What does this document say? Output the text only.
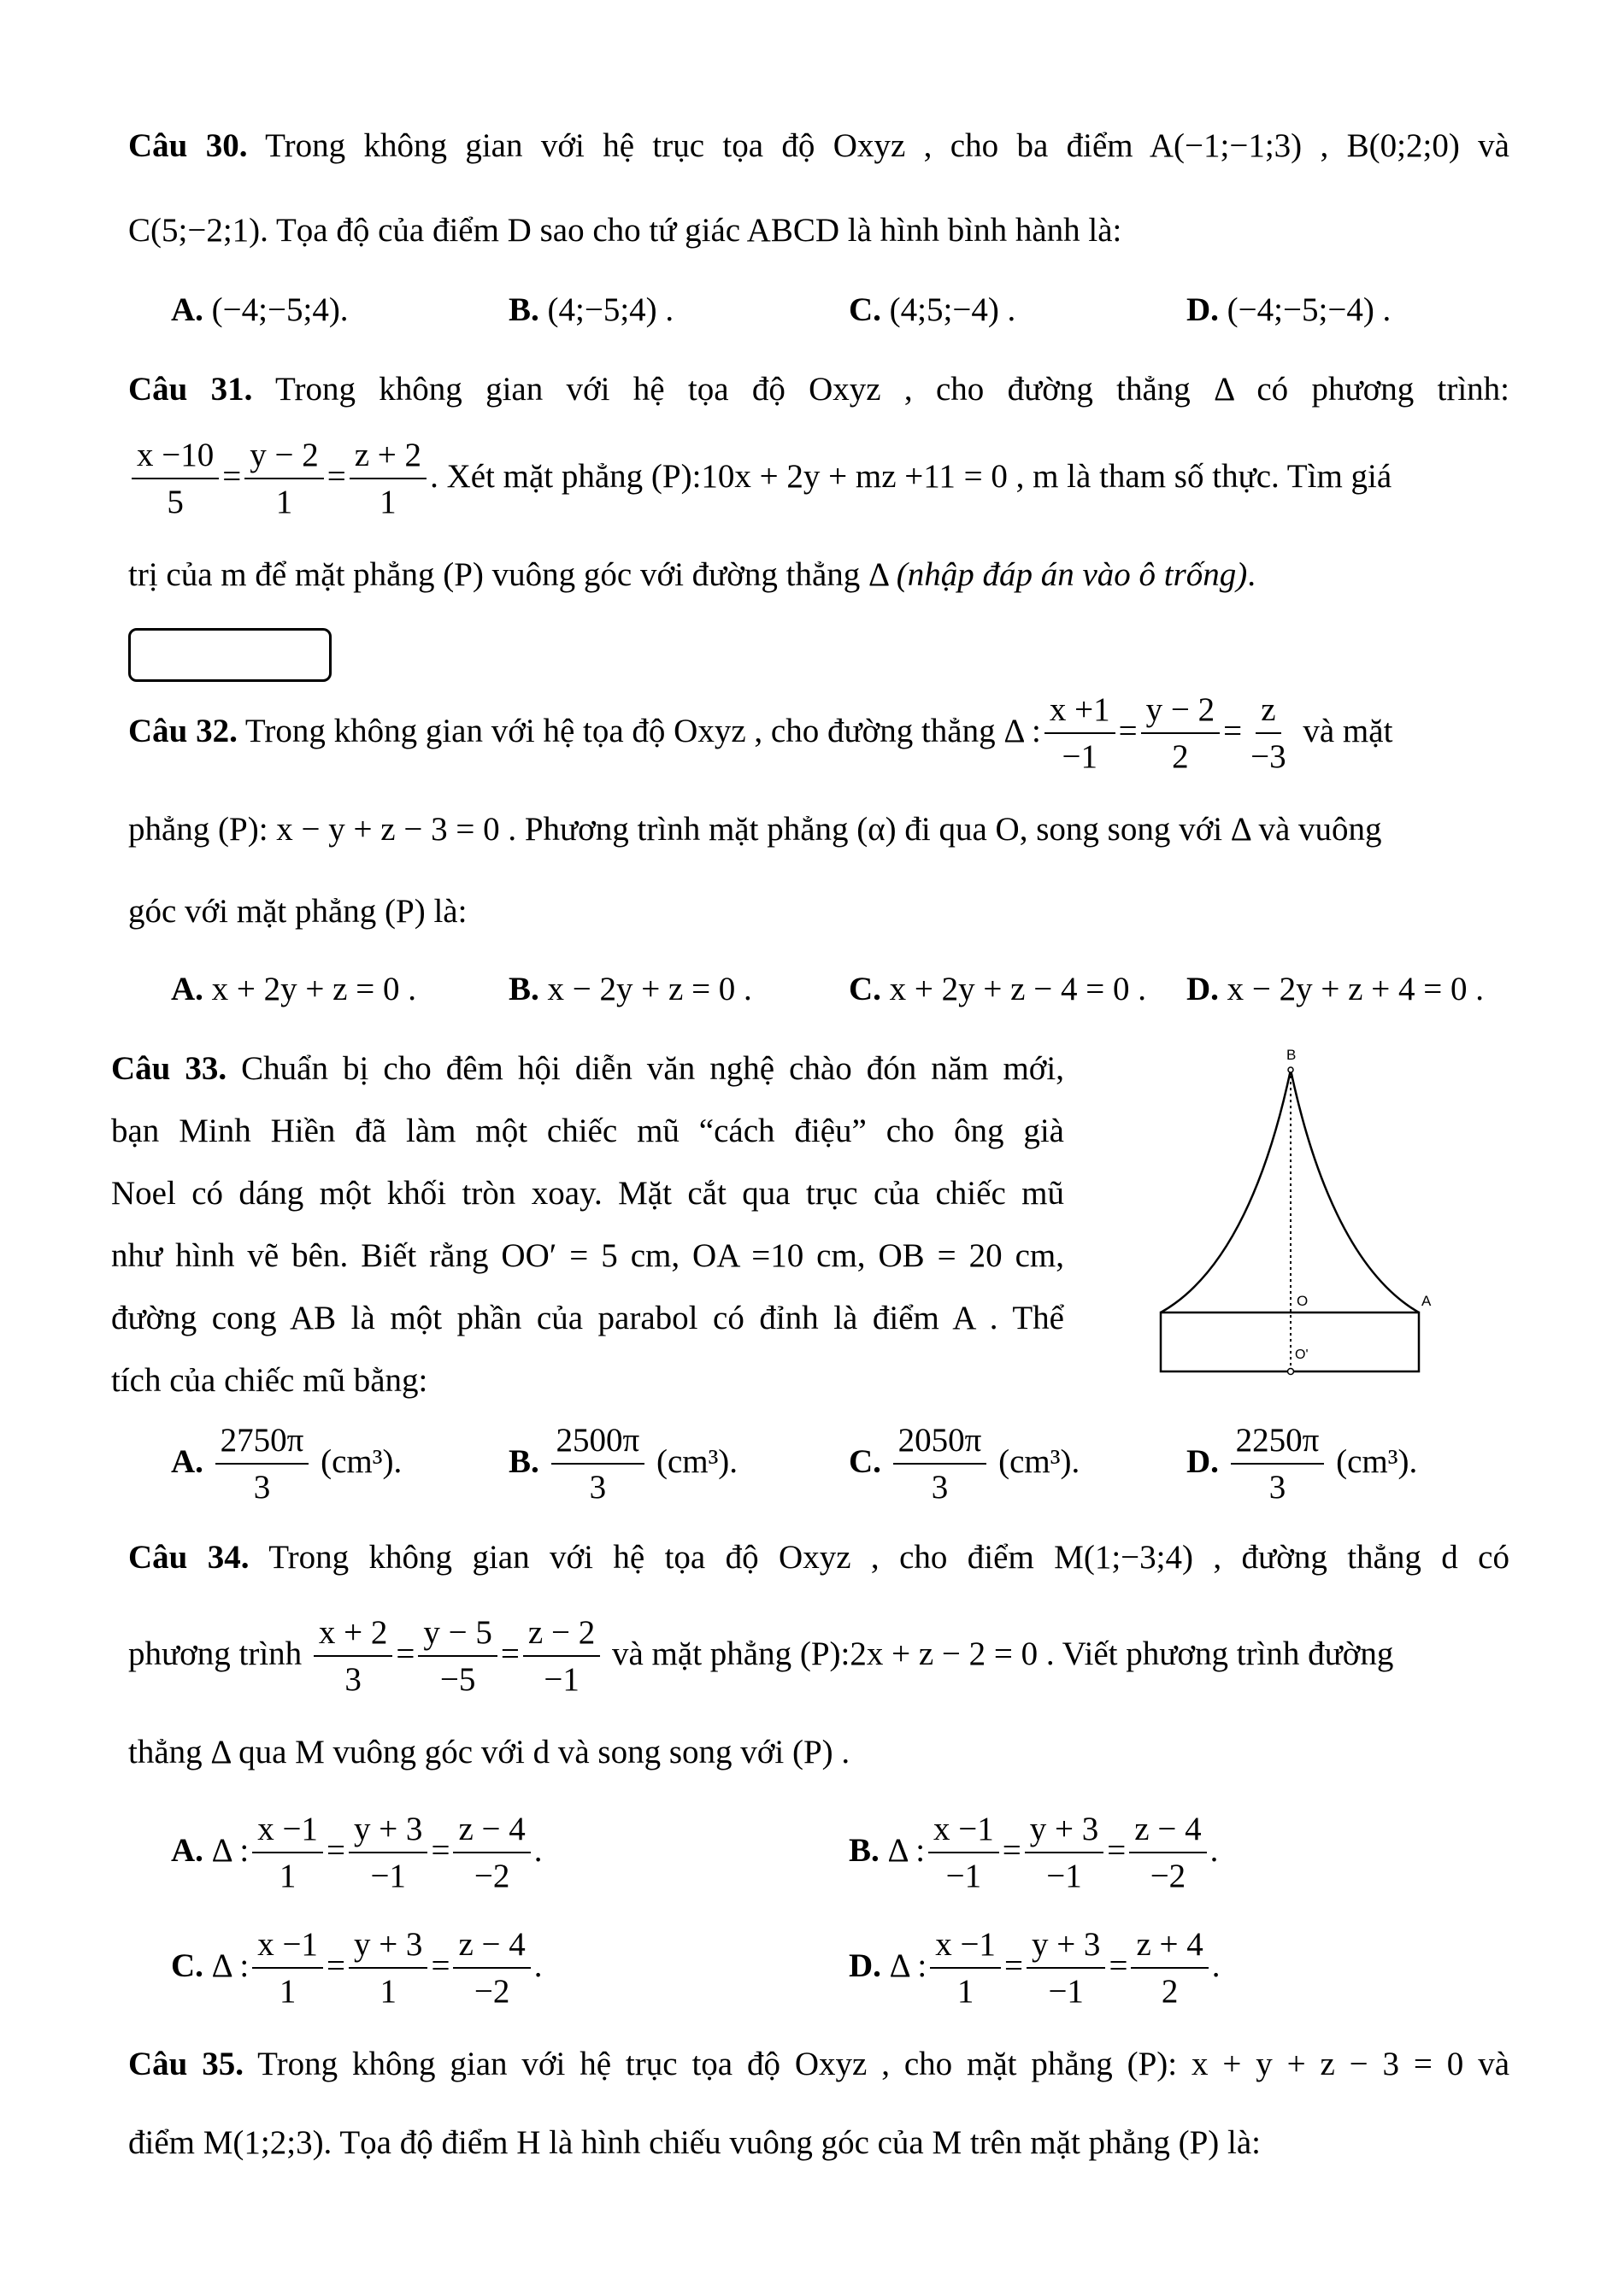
Câu 30. Trong không gian với hệ trục tọa độ Oxyz , cho ba điểm A(−1;−1;3) , B(0;2;0) và
C(5;−2;1). Tọa độ của điểm D sao cho tứ giác ABCD là hình bình hành là:
A. (−4;−5;4).	B. (4;−5;4) .	C. (4;5;−4) .	D. (−4;−5;−4) .
Câu 31. Trong không gian với hệ tọa độ Oxyz , cho đường thẳng Δ có phương trình:
$\frac{x -10}{5} = \frac{y - 2}{1} = \frac{z + 2}{1}$ . Xét mặt phẳng (P):10x + 2y + mz +11 = 0 , m là tham số thực. Tìm giá
trị của m để mặt phẳng (P) vuông góc với đường thẳng Δ (nhập đáp án vào ô trống).
Câu 32. Trong không gian với hệ tọa độ Oxyz , cho đường thẳng Δ : $\frac{x +1}{-1} = \frac{y - 2}{2} = \frac{z}{-3}$ và mặt
phẳng (P): x − y + z − 3 = 0 . Phương trình mặt phẳng (α) đi qua O, song song với Δ và vuông
góc với mặt phẳng (P) là:
A. x + 2y + z = 0 .	B. x − 2y + z = 0 .	C. x + 2y + z − 4 = 0 . D. x − 2y + z + 4 = 0 .
Câu 33. Chuẩn bị cho đêm hội diễn văn nghệ chào đón năm mới,
bạn Minh Hiền đã làm một chiếc mũ “cách điệu” cho ông già
Noel có dáng một khối tròn xoay. Mặt cắt qua trục của chiếc mũ
như hình vẽ bên. Biết rằng OO′ = 5 cm, OA =10 cm, OB = 20 cm,
đường cong AB là một phần của parabol có đỉnh là điểm A . Thể
tích của chiếc mũ bằng:
B
O	A
O'
A. $\frac{2750\pi}{3} (cm^3)$.	B. $\frac{2500\pi}{3} (cm^3)$.	C. $\frac{2050\pi}{3} (cm^3)$.	D. $\frac{2250\pi}{3} (cm^3)$.
Câu 34. Trong không gian với hệ tọa độ Oxyz , cho điểm M(1;−3;4) , đường thẳng d có
phương trình $\frac{x + 2}{3} = \frac{y - 5}{-5} = \frac{z - 2}{-1}$ và mặt phẳng (P):2x + z − 2 = 0 . Viết phương trình đường
thẳng Δ qua M vuông góc với d và song song với (P) .
A. Δ : $\frac{x -1}{1} = \frac{y + 3}{-1} = \frac{z - 4}{-2}$ .	B. Δ : $\frac{x -1}{-1} = \frac{y + 3}{-1} = \frac{z - 4}{-2}$ .
C. Δ : $\frac{x -1}{1} = \frac{y + 3}{1} = \frac{z - 4}{-2}$ .	D. Δ : $\frac{x -1}{1} = \frac{y + 3}{-1} = \frac{z + 4}{2}$ .
Câu 35. Trong không gian với hệ trục tọa độ Oxyz , cho mặt phẳng (P): x + y + z − 3 = 0 và
điểm M(1;2;3). Tọa độ điểm H là hình chiếu vuông góc của M trên mặt phẳng (P) là:
